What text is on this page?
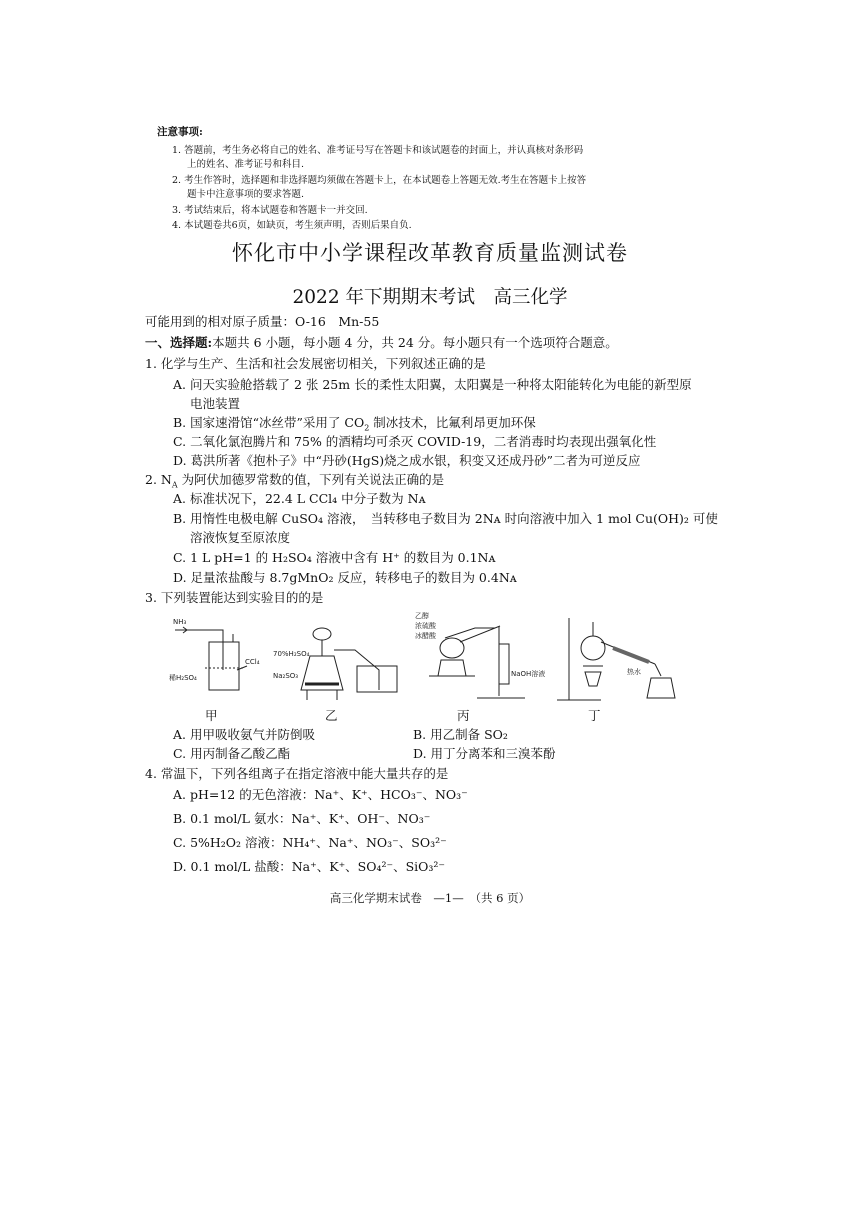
注意事项:
1. 答题前，考生务必将自己的姓名、准考证号写在答题卡和该试题卷的封面上，并认真核对条形码
上的姓名、准考证号和科目.
2. 考生作答时，选择题和非选择题均须做在答题卡上，在本试题卷上答题无效.考生在答题卡上按答
题卡中注意事项的要求答题.
3. 考试结束后，将本试题卷和答题卡一并交回.
4. 本试题卷共6页，如缺页，考生须声明，否则后果自负.
怀化市中小学课程改革教育质量监测试卷
2022 年下期期末考试　高三化学
可能用到的相对原子质量：O-16　Mn-55
一、选择题:本题共 6 小题，每小题 4 分，共 24 分。每小题只有一个选项符合题意。
1. 化学与生产、生活和社会发展密切相关，下列叙述正确的是
A. 问天实验舱搭载了 2 张 25m 长的柔性太阳翼，太阳翼是一种将太阳能转化为电能的新型原
电池装置
B. 国家速滑馆“冰丝带”采用了 $CO_2$ 制冰技术，比氟利昂更加环保
C. 二氧化氯泡腾片和 75% 的酒精均可杀灭 COVID-19，二者消毒时均表现出强氧化性
D. 葛洪所著《抱朴子》中“丹砂(HgS)烧之成水银，积变又还成丹砂”二者为可逆反应
2. $N_A$ 为阿伏加德罗常数的值，下列有关说法正确的是
A. 标准状况下，22.4 L CCl₄ 中分子数为 Nᴀ
B. 用惰性电极电解 CuSO₄ 溶液，　当转移电子数目为 2Nᴀ 时向溶液中加入 1 mol Cu(OH)₂ 可使
溶液恢复至原浓度
C. 1 L pH=1 的 H₂SO₄ 溶液中含有 H⁺ 的数目为 0.1Nᴀ
D. 足量浓盐酸与 8.7gMnO₂ 反应，转移电子的数目为 0.4Nᴀ
3. 下列装置能达到实验目的的是
NH₃
稀H₂SO₄
CCl₄
70%H₂SO₄
Na₂SO₃
乙醇
浓硫酸
冰醋酸
NaOH溶液	热水
甲	乙	丙	丁
A. 用甲吸收氨气并防倒吸	B. 用乙制备 SO₂
C. 用丙制备乙酸乙酯	D. 用丁分离苯和三溴苯酚
4. 常温下，下列各组离子在指定溶液中能大量共存的是
A. pH=12 的无色溶液：Na⁺、K⁺、HCO₃⁻、NO₃⁻
B. 0.1 mol/L 氨水：Na⁺、K⁺、OH⁻、NO₃⁻
C. 5%H₂O₂ 溶液：NH₄⁺、Na⁺、NO₃⁻、SO₃²⁻
D. 0.1 mol/L 盐酸：Na⁺、K⁺、SO₄²⁻、SiO₃²⁻
高三化学期末试卷　—1—　（共 6 页）
